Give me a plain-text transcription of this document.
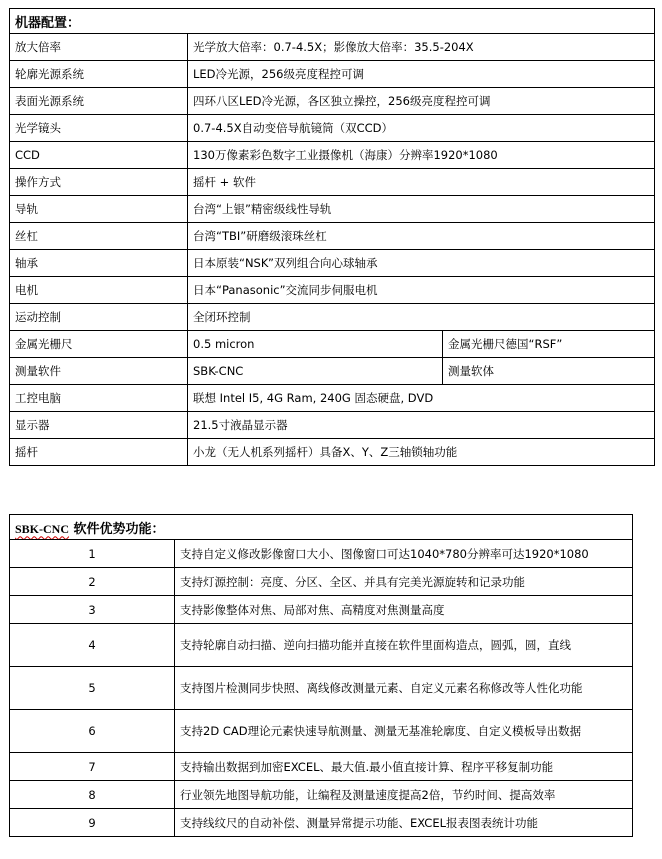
机器配置：		
放大倍率	光学放大倍率：0.7-4.5X；影像放大倍率：35.5-204X	
轮廓光源系统	LED冷光源，256级亮度程控可调	
表面光源系统	四环八区LED冷光源，各区独立操控，256级亮度程控可调	
光学镜头	0.7-4.5X自动变倍导航镜筒（双CCD）	
CCD	130万像素彩色数字工业摄像机（海康）分辨率1920*1080	
操作方式	摇杆 + 软件	
导轨	台湾“上银”精密级线性导轨	
丝杠	台湾“TBI”研磨级滚珠丝杠	
轴承	日本原装“NSK”双列组合向心球轴承	
电机	日本“Panasonic”交流同步伺服电机	
运动控制	全闭环控制	
金属光栅尺	0.5 micron	金属光栅尺德国“RSF”
测量软件	SBK-CNC	测量软体
工控电脑	联想 Intel I5, 4G Ram, 240G 固态硬盘, DVD	
显示器	21.5寸液晶显示器	
摇杆	小龙（无人机系列摇杆）具备X、Y、Z三轴锁轴功能	
SBK-CNC 软件优势功能：	
1	支持自定义修改影像窗口大小、图像窗口可达1040*780分辨率可达1920*1080
2	支持灯源控制：亮度、分区、全区、并具有完美光源旋转和记录功能
3	支持影像整体对焦、局部对焦、高精度对焦测量高度
4	支持轮廓自动扫描、逆向扫描功能并直接在软件里面构造点，圆弧，圆，直线
5	支持图片检测同步快照、离线修改测量元素、自定义元素名称修改等人性化功能
6	支持2D CAD理论元素快速导航测量、测量无基准轮廓度、自定义模板导出数据
7	支持输出数据到加密EXCEL、最大值.最小值直接计算、程序平移复制功能
8	行业领先地图导航功能，让编程及测量速度提高2倍，节约时间、提高效率
9	支持线纹尺的自动补偿、测量异常提示功能、EXCEL报表图表统计功能
